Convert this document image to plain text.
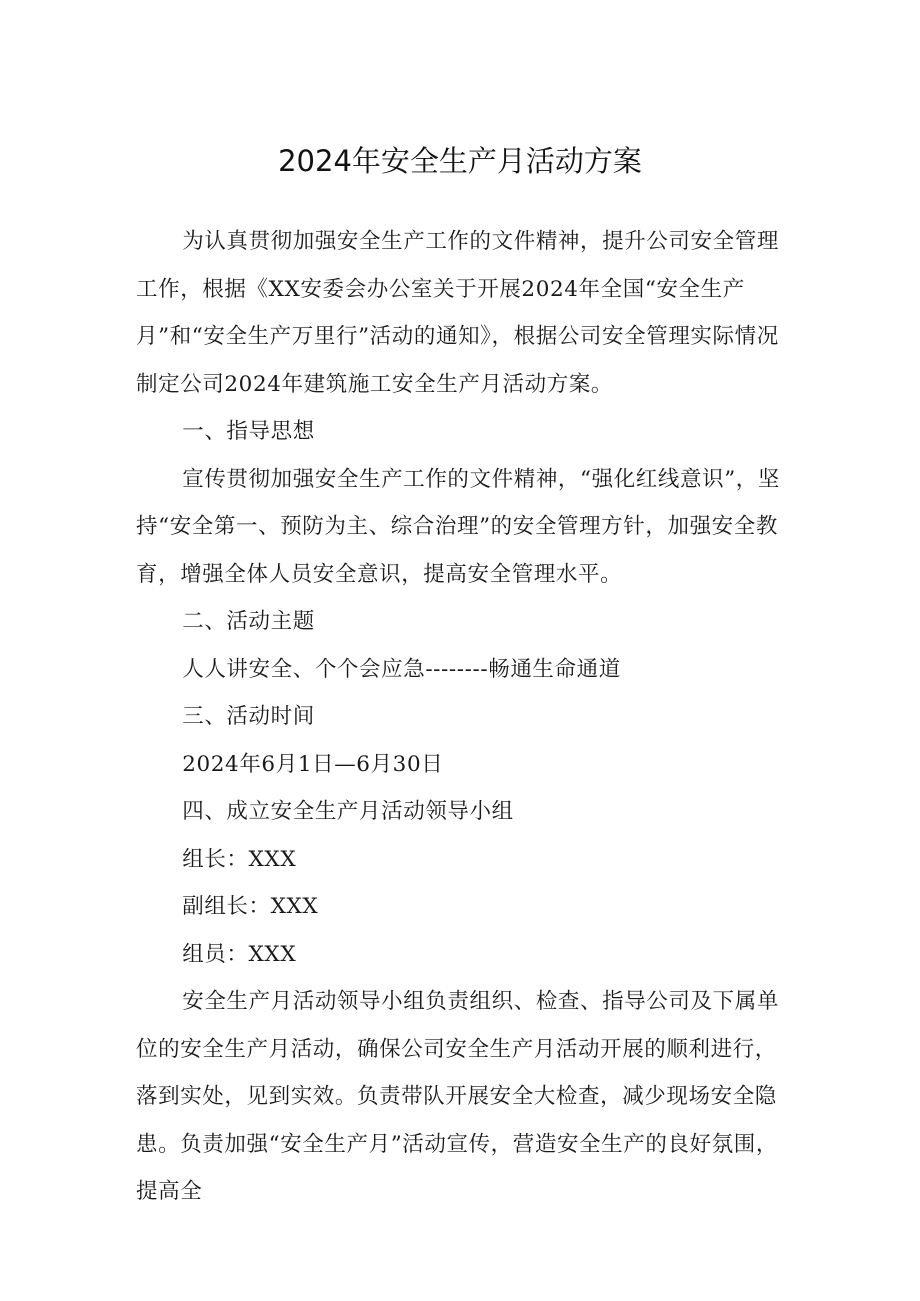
2024年安全生产月活动方案

为认真贯彻加强安全生产工作的文件精神，提升公司安全管理工作，根据《XX安委会办公室关于开展2024年全国“安全生产月”和“安全生产万里行”活动的通知》，根据公司安全管理实际情况制定公司2024年建筑施工安全生产月活动方案。

一、指导思想

宣传贯彻加强安全生产工作的文件精神，“强化红线意识”，坚持“安全第一、预防为主、综合治理”的安全管理方针，加强安全教育，增强全体人员安全意识，提高安全管理水平。

二、活动主题

人人讲安全、个个会应急--------畅通生命通道

三、活动时间

2024年6月1日—6月30日

四、成立安全生产月活动领导小组

组长：XXX

副组长：XXX

组员：XXX

安全生产月活动领导小组负责组织、检查、指导公司及下属单位的安全生产月活动，确保公司安全生产月活动开展的顺利进行，落到实处，见到实效。负责带队开展安全大检查，减少现场安全隐患。负责加强“安全生产月”活动宣传，营造安全生产的良好氛围，提高全
